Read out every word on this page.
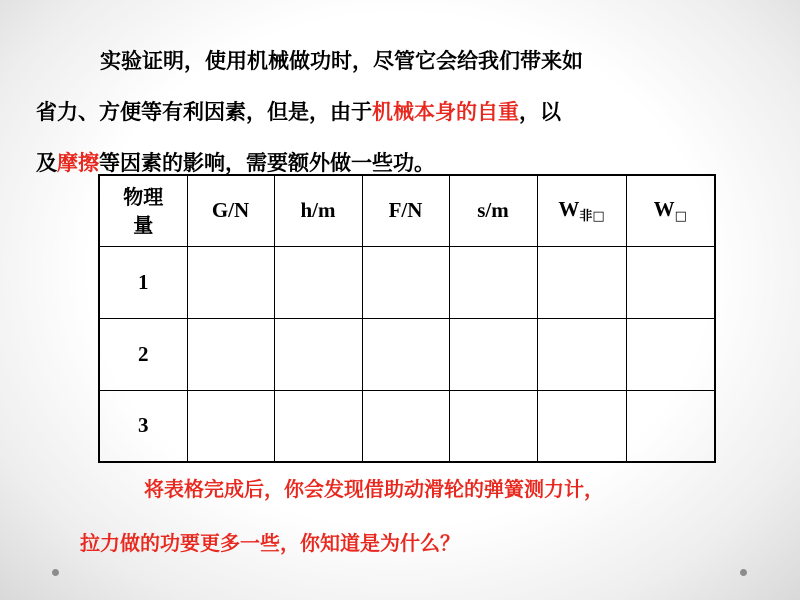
实验证明，使用机械做功时，尽管它会给我们带来如

省力、方便等有利因素，但是，由于机械本身的自重，以

及摩擦等因素的影响，需要额外做一些功。

物理
量	G/N	h/m	F/N	s/m	$W_{非□}$	$W_□$
1						
2						
3						

将表格完成后，你会发现借助动滑轮的弹簧测力计，

拉力做的功要更多一些，你知道是为什么？
